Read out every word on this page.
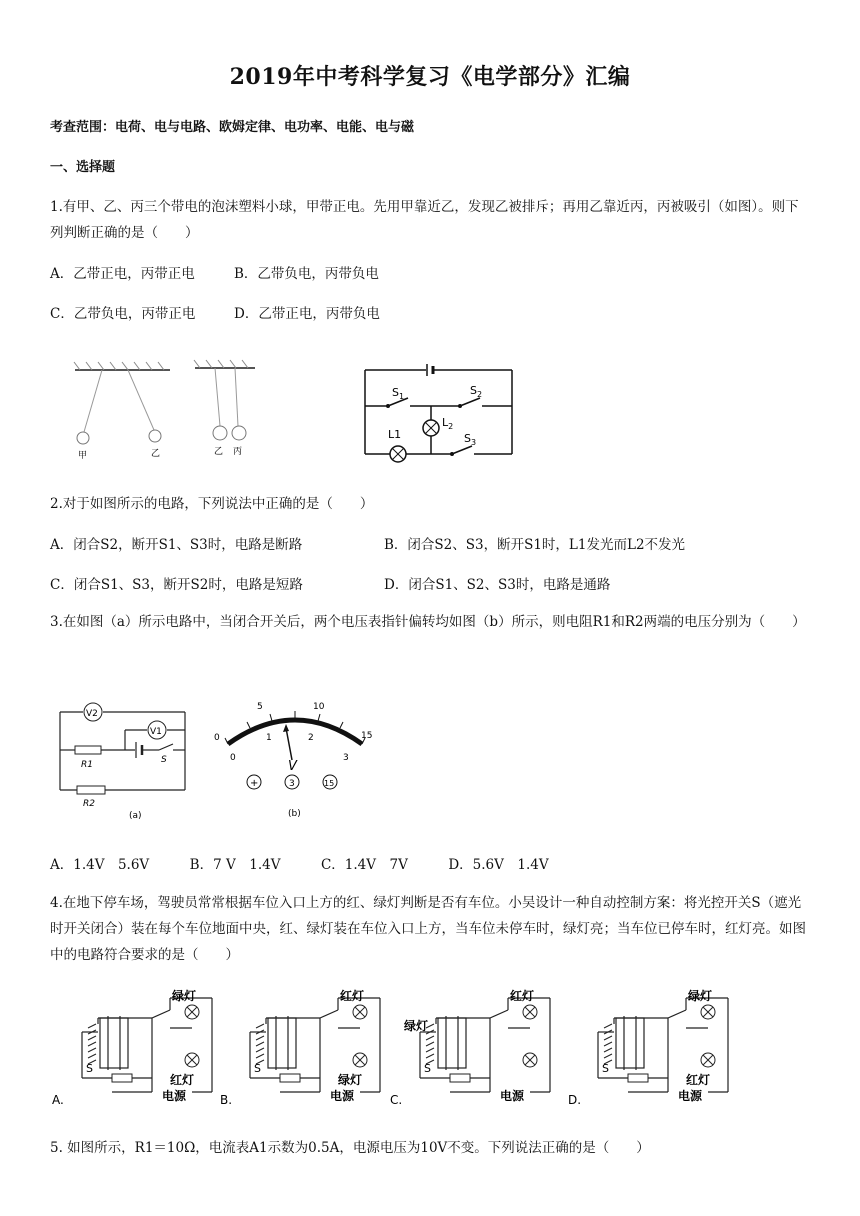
2019年中考科学复习《电学部分》汇编
考查范围：电荷、电与电路、欧姆定律、电功率、电能、电与磁
一、选择题
1.有甲、乙、丙三个带电的泡沫塑料小球，甲带正电。先用甲靠近乙，发现乙被排斥；再用乙靠近丙，丙被吸引（如图）。则下列判断正确的是（　　）
A．乙带正电，丙带正电	B．乙带负电，丙带负电
C．乙带负电，丙带正电	D．乙带正电，丙带负电
甲	乙	乙 丙
$S_1$	$S_2$
$S_3$
L1
$L_2$
2.对于如图所示的电路，下列说法中正确的是（　　）
A．闭合S2，断开S1、S3时，电路是断路	B．闭合S2、S3，断开S1时，L1发光而L2不发光
C．闭合S1、S3，断开S2时，电路是短路	D．闭合S1、S2、S3时，电路是通路
3.在如图（a）所示电路中，当闭合开关后，两个电压表指针偏转均如图（b）所示，则电阻R1和R2两端的电压分别为（　　）
V2
V1
R1	S
R2
(a)
0
5	10
15
0
1	2
3
V
+	3	15
(b)
A．1.4V　5.6V　　　B．7 V　1.4V　　　C．1.4V　7V　　　D．5.6V　1.4V
4.在地下停车场，驾驶员常常根据车位入口上方的红、绿灯判断是否有车位。小吴设计一种自动控制方案：将光控开关S（遮光时开关闭合）装在每个车位地面中央，红、绿灯装在车位入口上方，当车位未停车时，绿灯亮；当车位已停车时，红灯亮。如图中的电路符合要求的是（　　）
S
绿灯
红灯
电源
A.
S
红灯
绿灯
电源
B.
S
红灯
绿灯
电源
C.
S
绿灯
红灯
电源
D.
5. 如图所示，R1＝10Ω，电流表A1示数为0.5A，电源电压为10V不变。下列说法正确的是（　　）
